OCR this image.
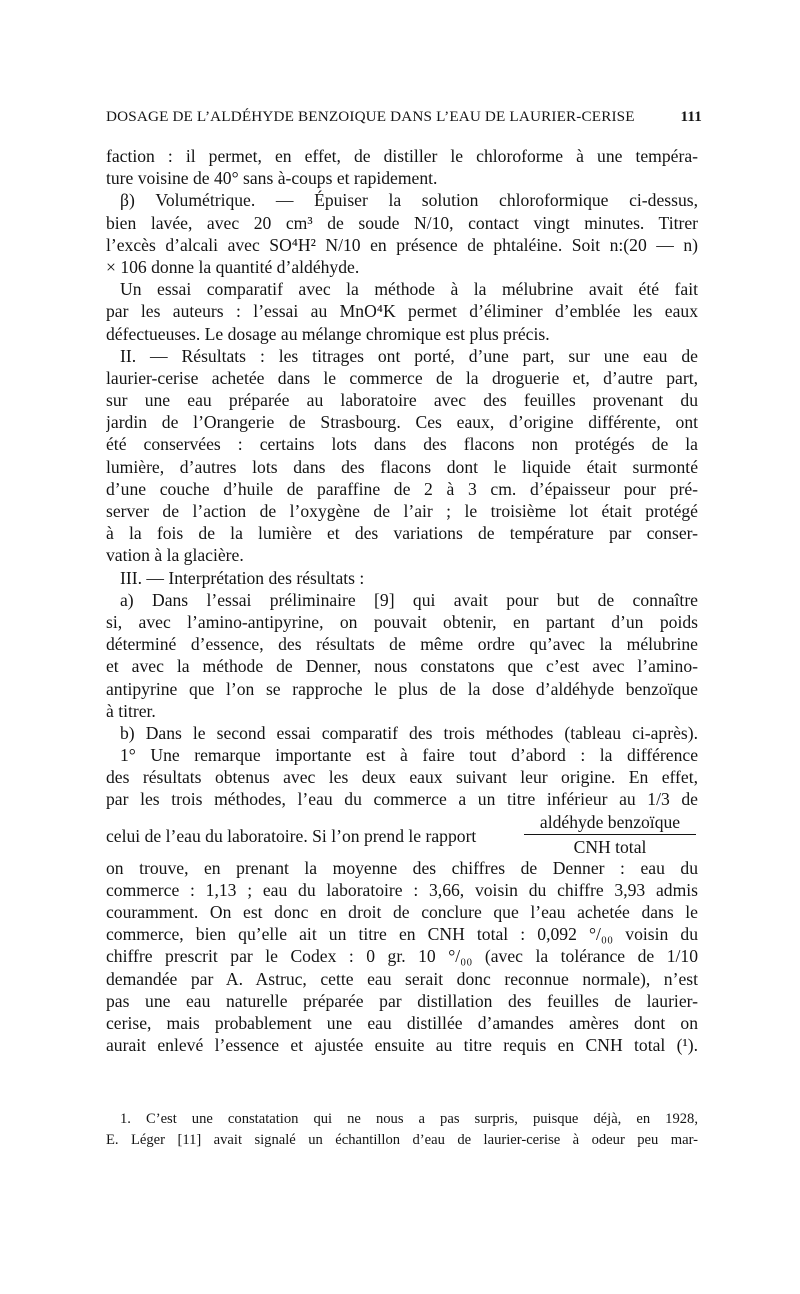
DOSAGE DE L’ALDÉHYDE BENZOIQUE DANS L’EAU DE LAURIER-CERISE	111
faction : il permet, en effet, de distiller le chloroforme à une tempéra-
ture voisine de 40° sans à-coups et rapidement.
β) Volumétrique. — Épuiser la solution chloroformique ci-dessus,
bien lavée, avec 20 cm³ de soude N/10, contact vingt minutes. Titrer
l’excès d’alcali avec SO⁴H² N/10 en présence de phtaléine. Soit n:(20 — n)
× 106 donne la quantité d’aldéhyde.
Un essai comparatif avec la méthode à la mélubrine avait été fait
par les auteurs : l’essai au MnO⁴K permet d’éliminer d’emblée les eaux
défectueuses. Le dosage au mélange chromique est plus précis.
II. — Résultats : les titrages ont porté, d’une part, sur une eau de
laurier-cerise achetée dans le commerce de la droguerie et, d’autre part,
sur une eau préparée au laboratoire avec des feuilles provenant du
jardin de l’Orangerie de Strasbourg. Ces eaux, d’origine différente, ont
été conservées : certains lots dans des flacons non protégés de la
lumière, d’autres lots dans des flacons dont le liquide était surmonté
d’une couche d’huile de paraffine de 2 à 3 cm. d’épaisseur pour pré-
server de l’action de l’oxygène de l’air ; le troisième lot était protégé
à la fois de la lumière et des variations de température par conser-
vation à la glacière.
III. — Interprétation des résultats :
a) Dans l’essai préliminaire [9] qui avait pour but de connaître
si, avec l’amino-antipyrine, on pouvait obtenir, en partant d’un poids
déterminé d’essence, des résultats de même ordre qu’avec la mélubrine
et avec la méthode de Denner, nous constatons que c’est avec l’amino-
antipyrine que l’on se rapproche le plus de la dose d’aldéhyde benzoïque
à titrer.
b) Dans le second essai comparatif des trois méthodes (tableau ci-après).
1° Une remarque importante est à faire tout d’abord : la différence
des résultats obtenus avec les deux eaux suivant leur origine. En effet,
par les trois méthodes, l’eau du commerce a un titre inférieur au 1/3 de
celui de l’eau du laboratoire. Si l’on prend le rapport
aldéhyde benzoïque
CNH total
on trouve, en prenant la moyenne des chiffres de Denner : eau du
commerce : 1,13 ; eau du laboratoire : 3,66, voisin du chiffre 3,93 admis
couramment. On est donc en droit de conclure que l’eau achetée dans le
commerce, bien qu’elle ait un titre en CNH total : 0,092 °/₀₀ voisin du
chiffre prescrit par le Codex : 0 gr. 10 °/₀₀ (avec la tolérance de 1/10
demandée par A. Astruc, cette eau serait donc reconnue normale), n’est
pas une eau naturelle préparée par distillation des feuilles de laurier-
cerise, mais probablement une eau distillée d’amandes amères dont on
aurait enlevé l’essence et ajustée ensuite au titre requis en CNH total (¹).
1. C’est une constatation qui ne nous a pas surpris, puisque déjà, en 1928,
E. Léger [11] avait signalé un échantillon d’eau de laurier-cerise à odeur peu mar-
